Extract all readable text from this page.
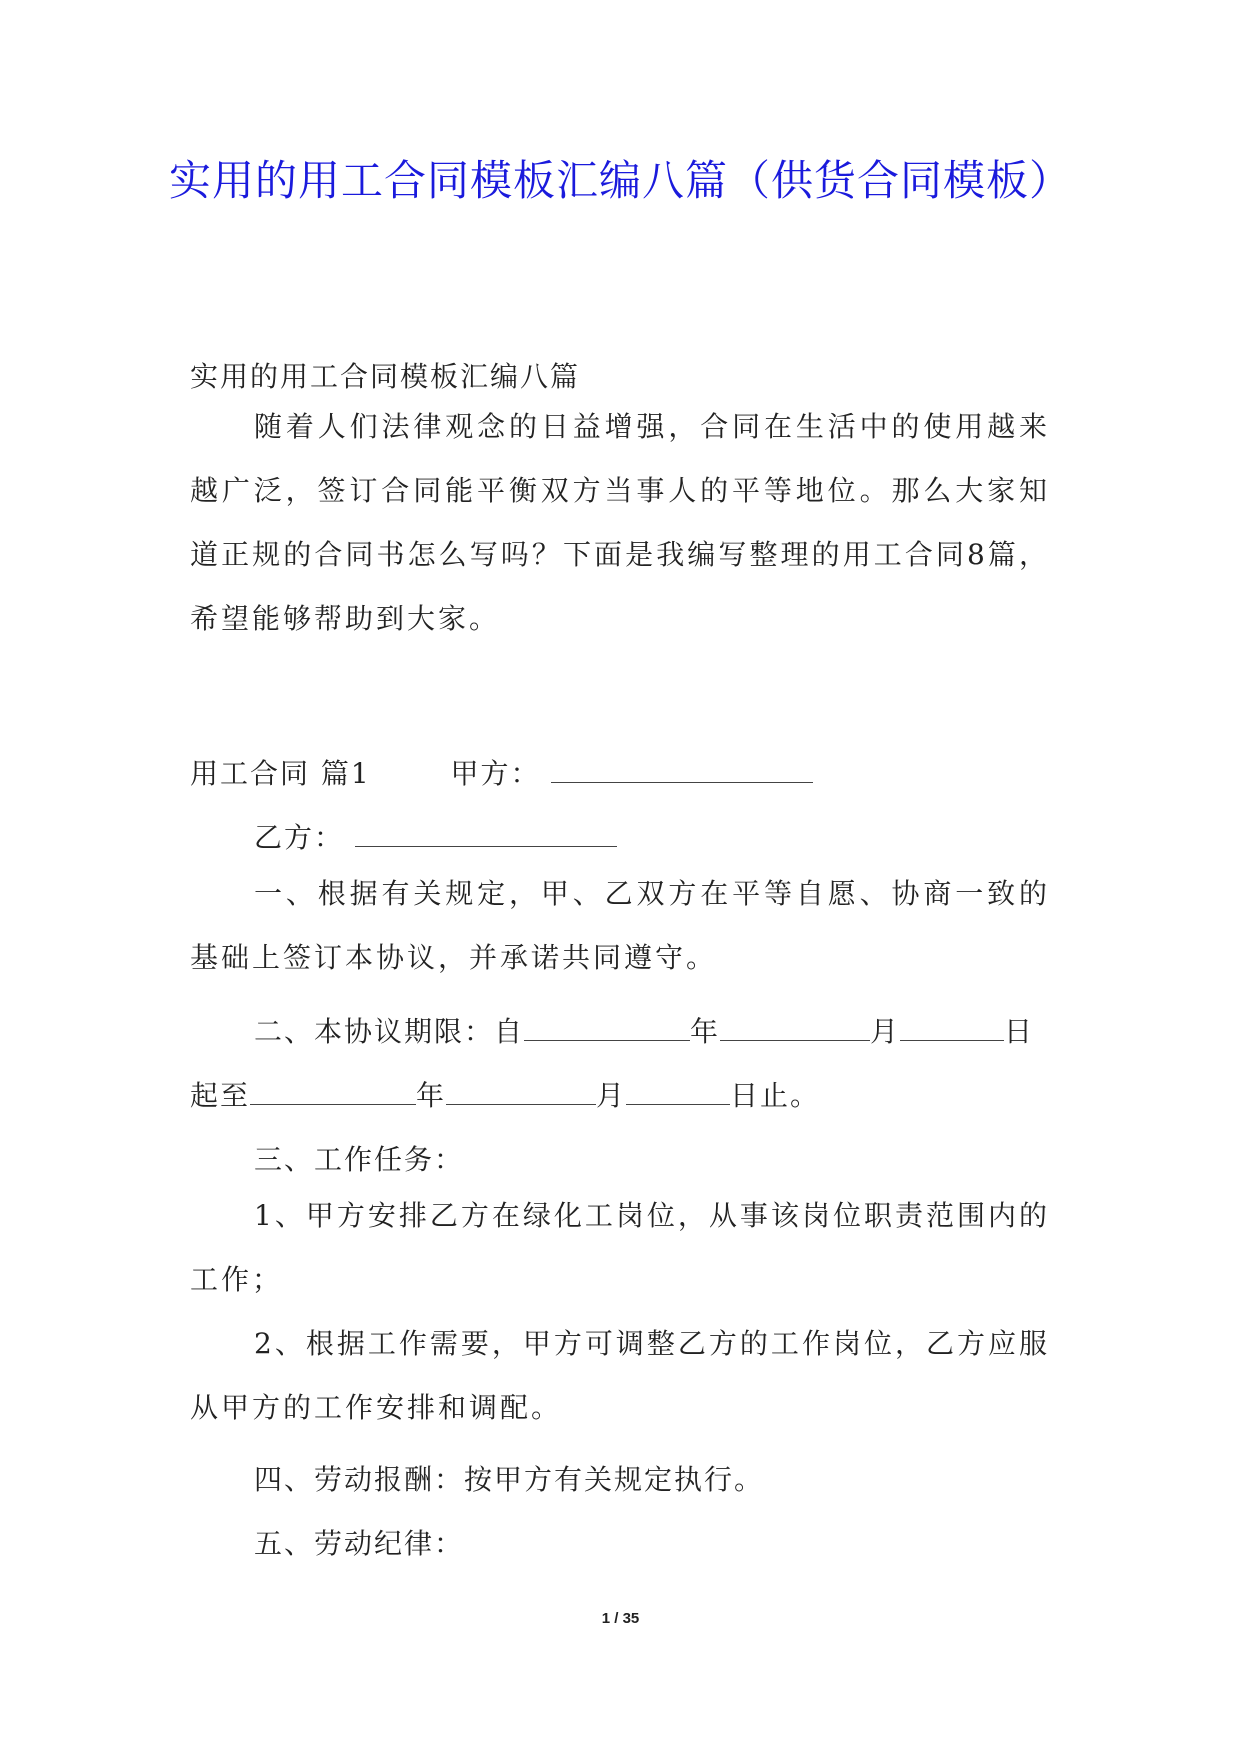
实用的用工合同模板汇编八篇（供货合同模板）
实用的用工合同模板汇编八篇

随着人们法律观念的日益增强，合同在生活中的使用越来越广泛，签订合同能平衡双方当事人的平等地位。那么大家知道正规的合同书怎么写吗？下面是我编写整理的用工合同8篇，希望能够帮助到大家。

用工合同 篇1	甲方：
乙方：

一、根据有关规定，甲、乙双方在平等自愿、协商一致的基础上签订本协议，并承诺共同遵守。

二、本协议期限：自	年	月	日
起至	年	月	日止。
三、工作任务：

1、甲方安排乙方在绿化工岗位，从事该岗位职责范围内的工作；

2、根据工作需要，甲方可调整乙方的工作岗位，乙方应服从甲方的工作安排和调配。

四、劳动报酬：按甲方有关规定执行。
五、劳动纪律：
1 / 35
